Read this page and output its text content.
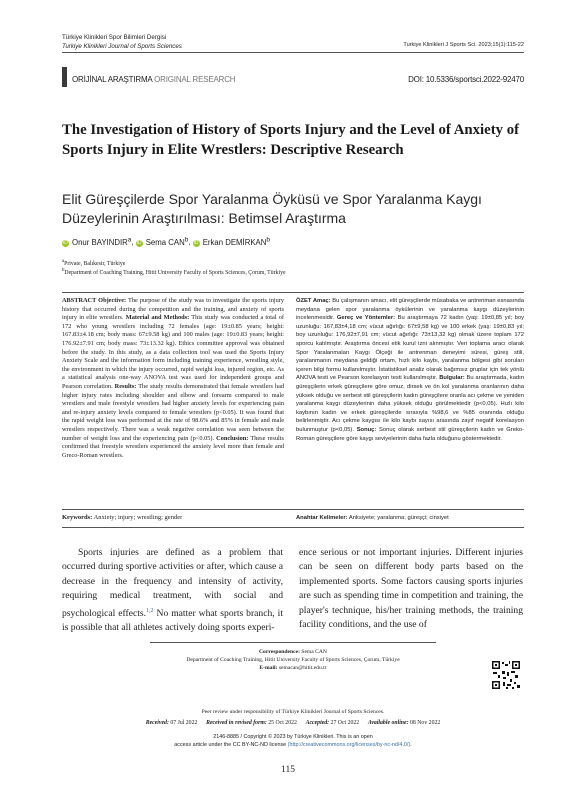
Türkiye Klinikleri Spor Bilimleri Dergisi
Turkiye Klinikleri Journal of Sports Sciences	Turkiye Klinikleri J Sports Sci. 2023;15(1):115-22
ORİJİNAL ARAŞTIRMA ORIGINAL RESEARCH	DOI: 10.5336/sportsci.2022-92470
The Investigation of History of Sports Injury and the Level of Anxiety of Sports Injury in Elite Wrestlers: Descriptive Research
Elit Güreşçilerde Spor Yaralanma Öyküsü ve Spor Yaralanma Kaygı Düzeylerinin Araştırılması: Betimsel Araştırma
iD Onur BAYINDIR$^a$, iD Sema CAN$^b$, iD Erkan DEMİRKAN$^b$
$^a$Private, Balıkesir, Türkiye
$^b$Department of Coaching Training, Hitit University Faculty of Sports Sciences, Çorum, Türkiye
ABSTRACT Objective: The purpose of the study was to investigate the sports injury history that occurred during the competition and the training, and anxiety of sports injury in elite wrestlers. Material and Methods: This study was conducted a total of 172 who young wrestlers including 72 females (age: 19±0.85 years; height: 167.83±4.18 cm; body mass: 67±9.58 kg) and 100 males (age: 19±0.83 years; height: 176.92±7.91 cm; body mass: 73±13.32 kg). Ethics committee approval was obtained before the study. In this study, as a data collection tool was used the Sports Injury Anxiety Scale and the information form including training experience, wrestling style, the environment in which the injury occurred, rapid weight loss, injured region, etc. As a statistical analysis one-way ANOVA test was used for independent groups and Pearson correlation. Results: The study results demonstrated that female wrestlers had higher injury rates including shoulder and elbow and forearm compared to male wrestlers and male freestyle wrestlers had higher anxiety levels for experiencing pain and re-injury anxiety levels compared to female wrestlers (p<0.05). It was found that the rapid weight loss was performed at the rate of 98.6% and 85% in female and male wrestlers respectively. There was a weak negative correlation was seen between the number of weight loss and the experiencing pain (p<0.05). Conclusion: These results confirmed that freestyle wrestlers experienced the anxiety level more than female and Greco-Roman wrestlers.
ÖZET Amaç: Bu çalışmanın amacı, elit güreşçilerde müsabaka ve antrenman esnasında meydana gelen spor yaralanma öykülerinin ve yaralanma kaygı düzeylerinin incelenmesidir. Gereç ve Yöntemler: Bu araştırmaya 72 kadın (yaş: 19±0,85 yıl; boy uzunluğu: 167,83±4,18 cm; vücut ağırlığı: 67±9,58 kg) ve 100 erkek (yaş: 19±0,83 yıl; boy uzunluğu: 176,92±7,91 cm; vücut ağırlığı: 73±13,32 kg) olmak üzere toplam 172 sporcu katılmıştır. Araştırma öncesi etik kurul izni alınmıştır. Veri toplama aracı olarak Spor Yaralanmaları Kaygı Ölçeği ile antrenman deneyimi süresi, güreş stili, yaralanmanın meydana geldiği ortam, hızlı kilo kaybı, yaralanma bölgesi gibi soruları içeren bilgi formu kullanılmıştır. İstatistiksel analiz olarak bağımsız gruplar için tek yönlü ANOVA testi ve Pearson korelasyon testi kullanılmıştır. Bulgular: Bu araştırmada, kadın güreşçilerin erkek güreşçilere göre omuz, dirsek ve ön kol yaralanma oranlarının daha yüksek olduğu ve serbest stil güreşçilerin kadın güreşçilere oranla acı çekme ve yeniden yaralanma kaygı düzeylerinin daha yüksek olduğu görülmektedir (p<0,05). Hızlı kilo kaybının kadın ve erkek güreşçilerde sırasıyla %98,6 ve %85 oranında olduğu belirlenmiştir. Acı çekme kaygısı ile kilo kaybı sayısı arasında zayıf negatif korelasyon bulunmuştur (p<0,05). Sonuç: Sonuç olarak serbest stil güreşçilerin kadın ve Greko-Roman güreşçilere göre kaygı seviyelerinin daha fazla olduğunu göstermektedir.
Keywords: Anxiety; injury; wrestling; gender	Anahtar Kelimeler: Anksiyete; yaralanma; güreşçi; cinsiyet
Sports injuries are defined as a problem that occurred during sportive activities or after, which cause a decrease in the frequency and intensity of activity, requiring medical treatment, with social and psychological effects.$^{1,2}$ No matter what sports branch, it is possible that all athletes actively doing sports experi-
ence serious or not important injuries. Different injuries can be seen on different body parts based on the implemented sports. Some factors causing sports injuries are such as spending time in competition and training, the player's technique, his/her training methods, the training facility conditions, and the use of
Correspondence: Sema CAN
Department of Coaching Training, Hitit University Faculty of Sports Sciences, Çorum, Türkiye
E-mail: semacan@hitit.edu.tr
Peer review under responsibility of Türkiye Klinikleri Journal of Sports Sciences.
Received: 07 Jul 2022 Received in revised form: 25 Oct 2022 Accepted: 27 Oct 2022 Available online: 08 Nov 2022
2146-8885 / Copyright © 2023 by Türkiye Klinikleri. This is an open
access article under the CC BY-NC-ND license (http://creativecommons.org/licenses/by-nc-nd/4.0/).
115
